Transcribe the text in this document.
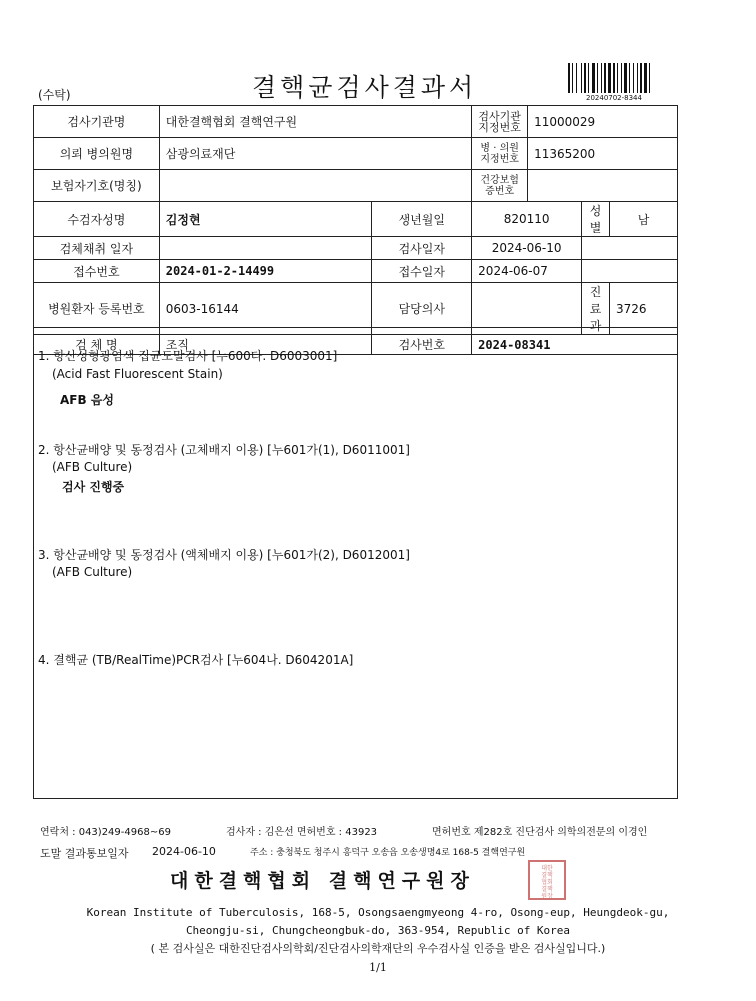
(수탁)	결핵균검사결과서	20240702-8344
검사기관명	대한결핵협회 결핵연구원		검사기관 지정번호	11000029		
의뢰 병의원명	삼광의료재단		병 · 의원 지정번호	11365200		
보험자기호(명칭)			건강보험 증번호			
수검자성명	김정현	생년월일	820110		성별	남
검체채취 일자		검사일자	2024-06-10			
접수번호	2024-01-2-14499	접수일자	2024-06-07			
병원환자 등록번호	0603-16144	담당의사			진료과	3726
검 체 명	조직	검사번호	2024-08341			
1. 항산성형광염색 집균도말검사 [누600다. D6003001]
(Acid Fast Fluorescent Stain)
AFB 음성
2. 항산균배양 및 동정검사 (고체배지 이용) [누601가(1), D6011001]
(AFB Culture)
검사 진행중
3. 항산균배양 및 동정검사 (액체배지 이용) [누601가(2), D6012001]
(AFB Culture)
4. 결핵균 (TB/RealTime)PCR검사 [누604나. D604201A]
연락처 : 043)249-4968~69	검사자 : 김은선 면허번호 : 43923	면허번호 제282호 진단검사 의학의전문의 이경인
도말 결과통보일자 2024-06-10	주소 : 충청북도 청주시 흥덕구 오송읍 오송생명4로 168-5 결핵연구원
대한결핵협회 결핵연구원장
대한
결핵
협회
결핵
원장
Korean Institute of Tuberculosis, 168-5, Osongsaengmyeong 4-ro, Osong-eup, Heungdeok-gu,
Cheongju-si, Chungcheongbuk-do, 363-954, Republic of Korea
( 본 검사실은 대한진단검사의학회/진단검사의학재단의 우수검사실 인증을 받은 검사실입니다.)
1/1
